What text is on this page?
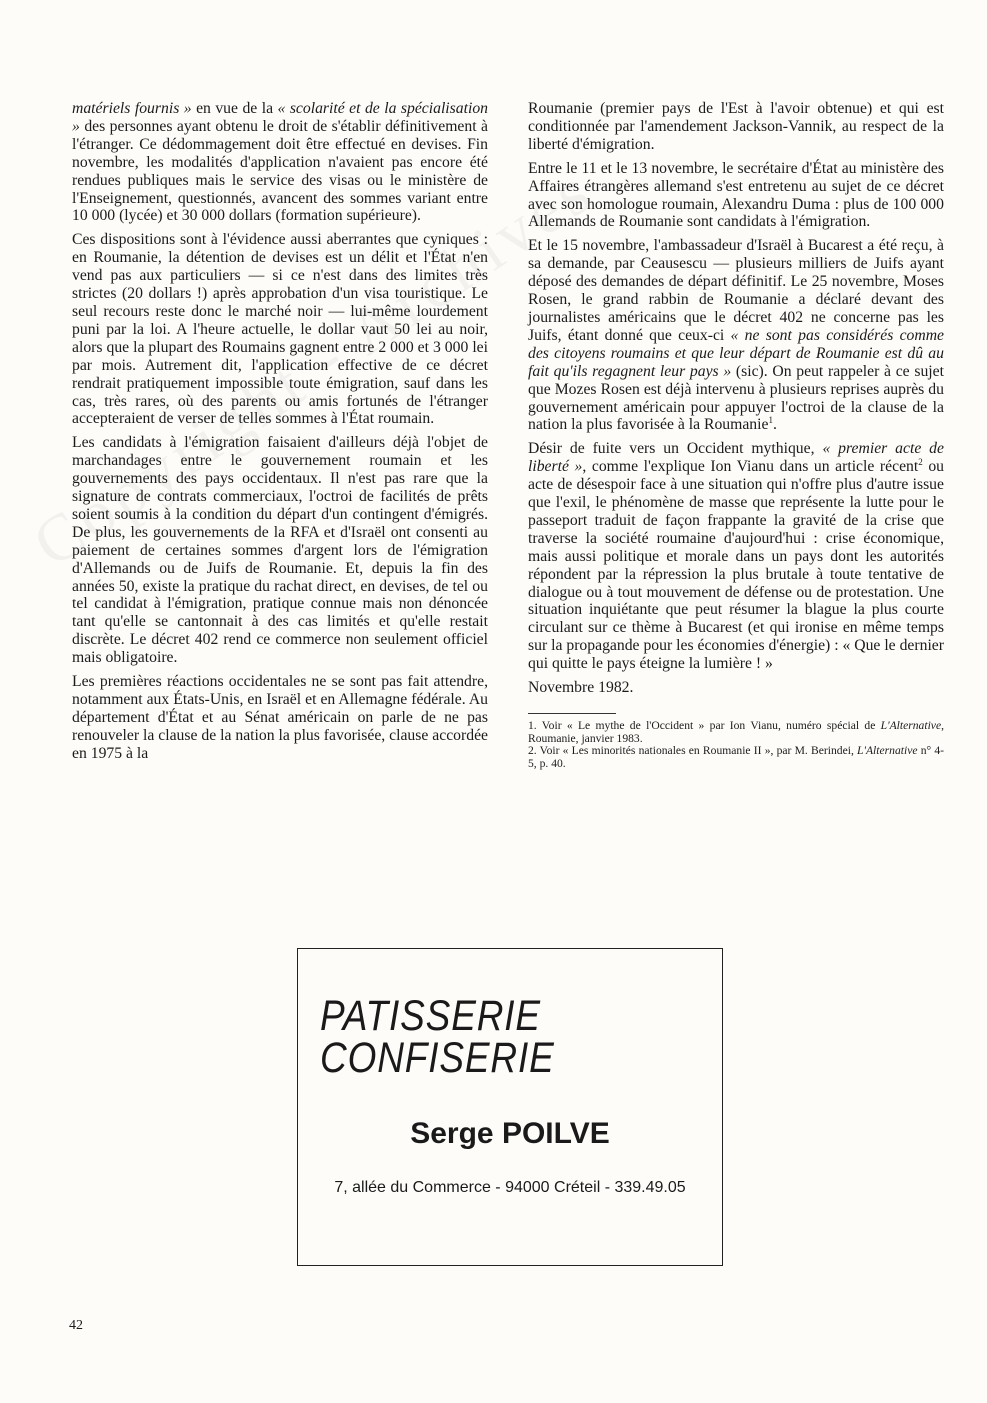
matériels fournis » en vue de la « scolarité et de la spécialisation » des personnes ayant obtenu le droit de s'établir définitivement à l'étranger. Ce dédommagement doit être effectué en devises. Fin novembre, les modalités d'application n'avaient pas encore été rendues publiques mais le service des visas ou le ministère de l'Enseignement, questionnés, avancent des sommes variant entre 10 000 (lycée) et 30 000 dollars (formation supérieure).

Ces dispositions sont à l'évidence aussi aberrantes que cyniques : en Roumanie, la détention de devises est un délit et l'État n'en vend pas aux particuliers — si ce n'est dans des limites très strictes (20 dollars !) après approbation d'un visa touristique. Le seul recours reste donc le marché noir — lui-même lourdement puni par la loi. A l'heure actuelle, le dollar vaut 50 lei au noir, alors que la plupart des Roumains gagnent entre 2 000 et 3 000 lei par mois. Autrement dit, l'application effective de ce décret rendrait pratiquement impossible toute émigration, sauf dans les cas, très rares, où des parents ou amis fortunés de l'étranger accepteraient de verser de telles sommes à l'État roumain.

Les candidats à l'émigration faisaient d'ailleurs déjà l'objet de marchandages entre le gouvernement roumain et les gouvernements des pays occidentaux. Il n'est pas rare que la signature de contrats commerciaux, l'octroi de facilités de prêts soient soumis à la condition du départ d'un contingent d'émigrés. De plus, les gouvernements de la RFA et d'Israël ont consenti au paiement de certaines sommes d'argent lors de l'émigration d'Allemands ou de Juifs de Roumanie. Et, depuis la fin des années 50, existe la pratique du rachat direct, en devises, de tel ou tel candidat à l'émigration, pratique connue mais non dénoncée tant qu'elle se cantonnait à des cas limités et qu'elle restait discrète. Le décret 402 rend ce commerce non seulement officiel mais obligatoire.

Les premières réactions occidentales ne se sont pas fait attendre, notamment aux États-Unis, en Israël et en Allemagne fédérale. Au département d'État et au Sénat américain on parle de ne pas renouveler la clause de la nation la plus favorisée, clause accordée en 1975 à la

Roumanie (premier pays de l'Est à l'avoir obtenue) et qui est conditionnée par l'amendement Jackson-Vannik, au respect de la liberté d'émigration.

Entre le 11 et le 13 novembre, le secrétaire d'État au ministère des Affaires étrangères allemand s'est entretenu au sujet de ce décret avec son homologue roumain, Alexandru Duma : plus de 100 000 Allemands de Roumanie sont candidats à l'émigration.

Et le 15 novembre, l'ambassadeur d'Israël à Bucarest a été reçu, à sa demande, par Ceausescu — plusieurs milliers de Juifs ayant déposé des demandes de départ définitif. Le 25 novembre, Moses Rosen, le grand rabbin de Roumanie a déclaré devant des journalistes américains que le décret 402 ne concerne pas les Juifs, étant donné que ceux-ci « ne sont pas considérés comme des citoyens roumains et que leur départ de Roumanie est dû au fait qu'ils regagnent leur pays » (sic). On peut rappeler à ce sujet que Mozes Rosen est déjà intervenu à plusieurs reprises auprès du gouvernement américain pour appuyer l'octroi de la clause de la nation la plus favorisée à la Roumanie$^1$.

Désir de fuite vers un Occident mythique, « premier acte de liberté », comme l'explique Ion Vianu dans un article récent$^2$ ou acte de désespoir face à une situation qui n'offre plus d'autre issue que l'exil, le phénomène de masse que représente la lutte pour le passeport traduit de façon frappante la gravité de la crise que traverse la société roumaine d'aujourd'hui : crise économique, mais aussi politique et morale dans un pays dont les autorités répondent par la répression la plus brutale à toute tentative de dialogue ou à tout mouvement de défense ou de protestation. Une situation inquiétante que peut résumer la blague la plus courte circulant sur ce thème à Bucarest (et qui ironise en même temps sur la propagande pour les économies d'énergie) : « Que le dernier qui quitte le pays éteigne la lumière ! »

Novembre 1982.

1. Voir « Le mythe de l'Occident » par Ion Vianu, numéro spécial de L'Alternative, Roumanie, janvier 1983.

2. Voir « Les minorités nationales en Roumanie II », par M. Berindei, L'Alternative n° 4-5, p. 40.

PATISSERIE
CONFISERIE
Serge POILVE
7, allée du Commerce - 94000 Créteil - 339.49.05
42
